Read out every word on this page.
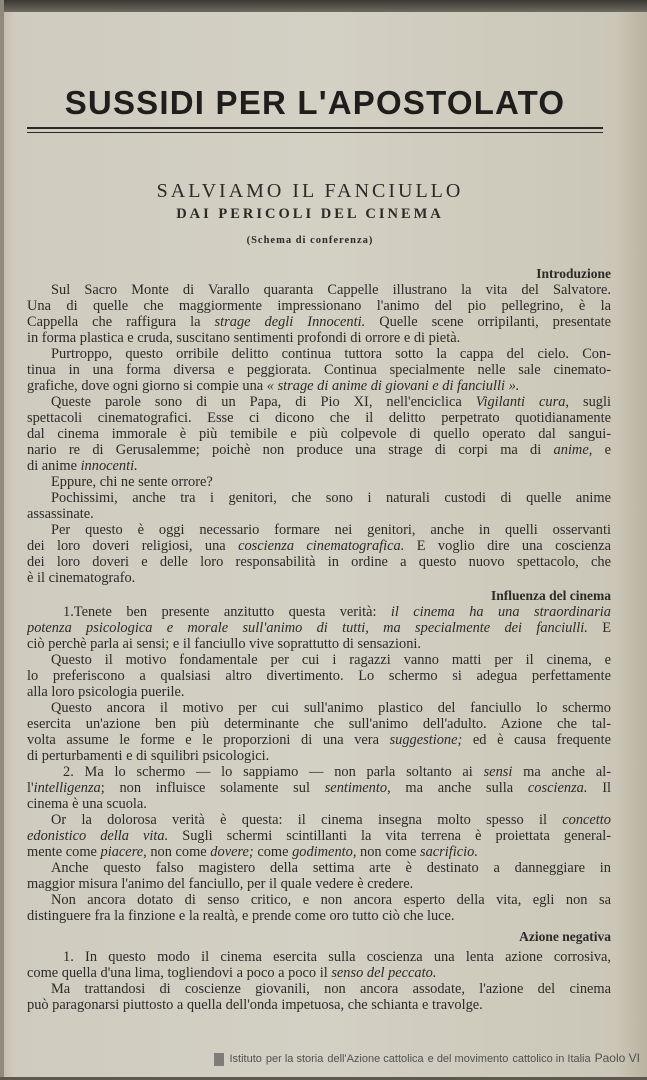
SUSSIDI PER L'APOSTOLATO
SALVIAMO IL FANCIULLO
DAI PERICOLI DEL CINEMA
(Schema di conferenza)
Introduzione
Sul Sacro Monte di Varallo quaranta Cappelle illustrano la vita del Salvatore.
Una di quelle che maggiormente impressionano l'animo del pio pellegrino, è la
Cappella che raffigura la strage degli Innocenti. Quelle scene orripilanti, presentate
in forma plastica e cruda, suscitano sentimenti profondi di orrore e di pietà.
Purtroppo, questo orribile delitto continua tuttora sotto la cappa del cielo. Con-
tinua in una forma diversa e peggiorata. Continua specialmente nelle sale cinemato-
grafiche, dove ogni giorno si compie una « strage di anime di giovani e di fanciulli ».
Queste parole sono di un Papa, di Pio XI, nell'enciclica Vigilanti cura, sugli
spettacoli cinematografici. Esse ci dicono che il delitto perpetrato quotidianamente
dal cinema immorale è più temibile e più colpevole di quello operato dal sangui-
nario re di Gerusalemme; poichè non produce una strage di corpi ma di anime, e
di anime innocenti.
Eppure, chi ne sente orrore?
Pochissimi, anche tra i genitori, che sono i naturali custodi di quelle anime
assassinate.
Per questo è oggi necessario formare nei genitori, anche in quelli osservanti
dei loro doveri religiosi, una coscienza cinematografica. E voglio dire una coscienza
dei loro doveri e delle loro responsabilità in ordine a questo nuovo spettacolo, che
è il cinematografo.
Influenza del cinema
1.Tenete ben presente anzitutto questa verità: il cinema ha una straordinaria
potenza psicologica e morale sull'animo di tutti, ma specialmente dei fanciulli. E
ciò perchè parla ai sensi; e il fanciullo vive soprattutto di sensazioni.
Questo il motivo fondamentale per cui i ragazzi vanno matti per il cinema, e
lo preferiscono a qualsiasi altro divertimento. Lo schermo si adegua perfettamente
alla loro psicologia puerile.
Questo ancora il motivo per cui sull'animo plastico del fanciullo lo schermo
esercita un'azione ben più determinante che sull'animo dell'adulto. Azione che tal-
volta assume le forme e le proporzioni di una vera suggestione; ed è causa frequente
di perturbamenti e di squilibri psicologici.
2. Ma lo schermo — lo sappiamo — non parla soltanto ai sensi ma anche al-
l'intelligenza; non influisce solamente sul sentimento, ma anche sulla coscienza. Il
cinema è una scuola.
Or la dolorosa verità è questa: il cinema insegna molto spesso il concetto
edonistico della vita. Sugli schermi scintillanti la vita terrena è proiettata general-
mente come piacere, non come dovere; come godimento, non come sacrificio.
Anche questo falso magistero della settima arte è destinato a danneggiare in
maggior misura l'animo del fanciullo, per il quale vedere è credere.
Non ancora dotato di senso critico, e non ancora esperto della vita, egli non sa
distinguere fra la finzione e la realtà, e prende come oro tutto ciò che luce.
Azione negativa
1. In questo modo il cinema esercita sulla coscienza una lenta azione corrosiva,
come quella d'una lima, togliendovi a poco a poco il senso del peccato.
Ma trattandosi di coscienze giovanili, non ancora assodate, l'azione del cinema
può paragonarsi piuttosto a quella dell'onda impetuosa, che schianta e travolge.
Istituto per la storia dell'Azione cattolica e del movimento cattolico in Italia Paolo VI
